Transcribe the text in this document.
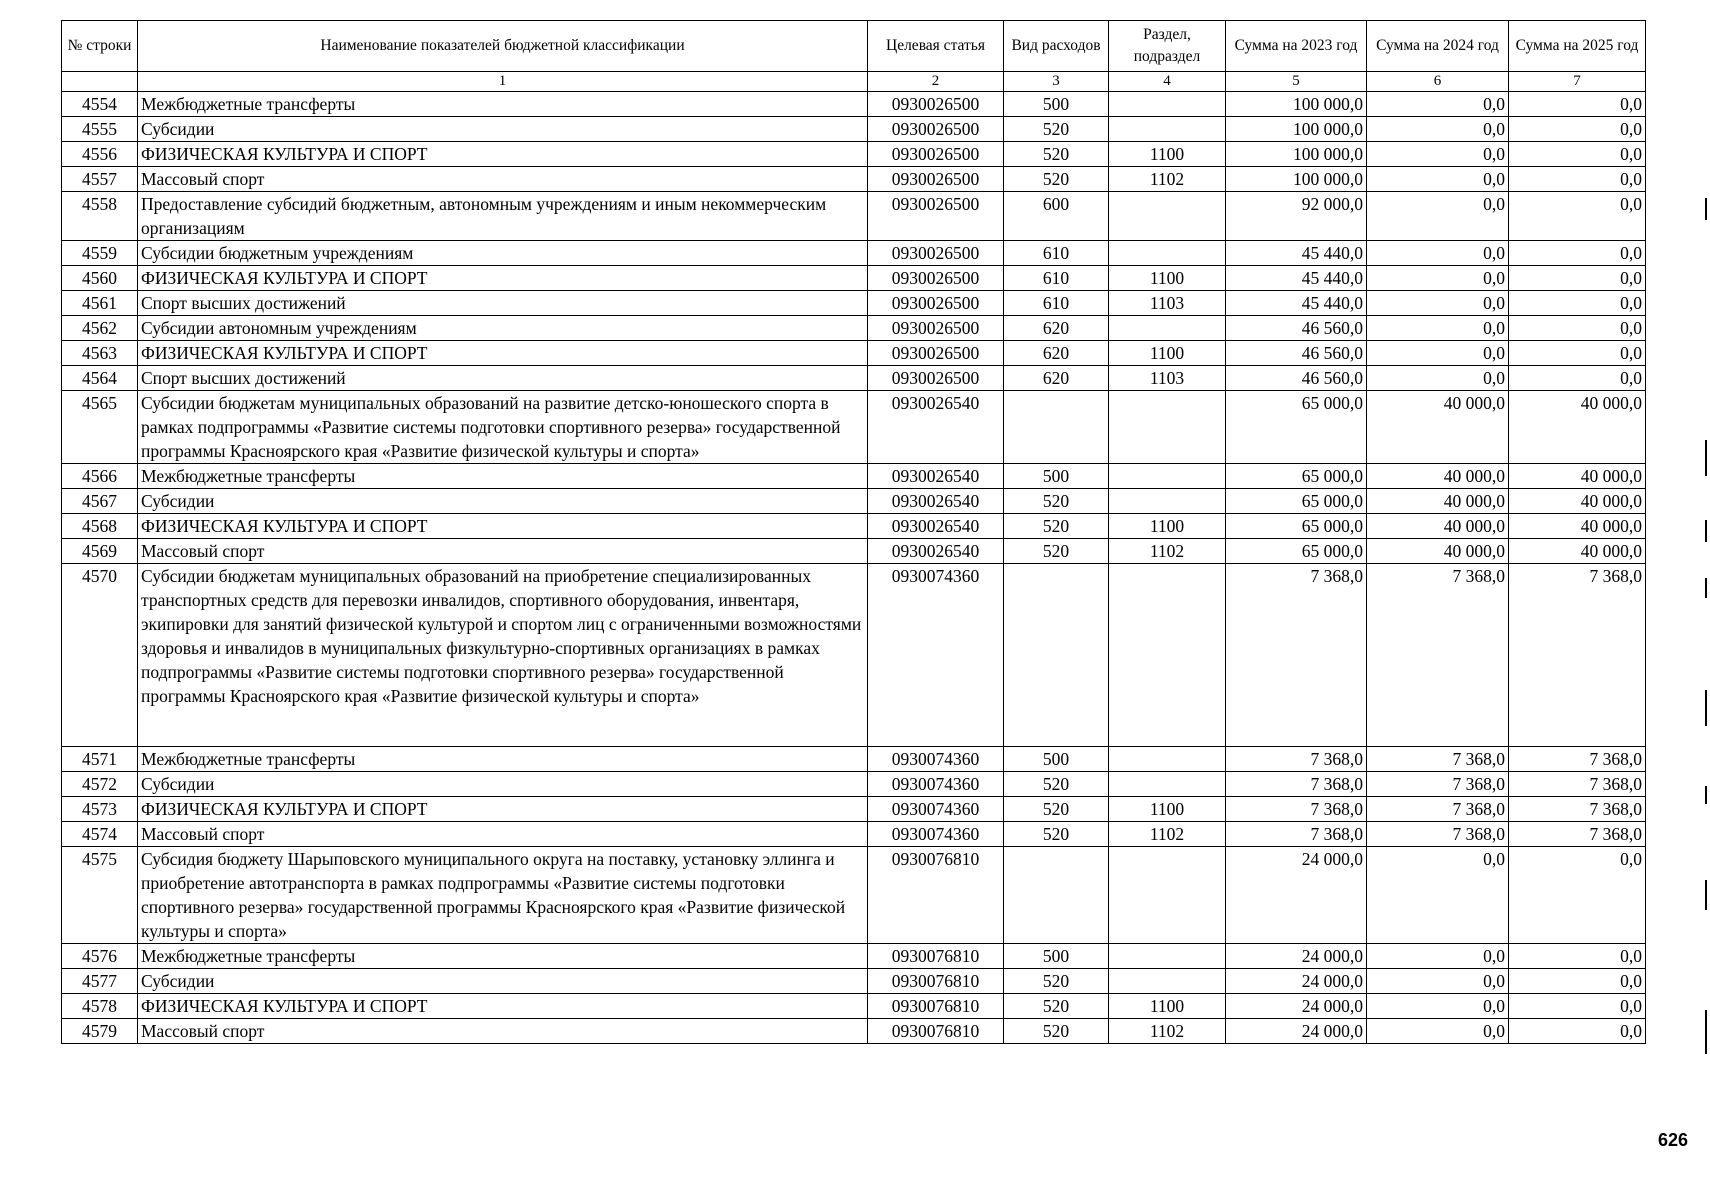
№ строки	Наименование показателей бюджетной классификации	Целевая статья	Вид расходов	Раздел, подраздел	Сумма на 2023 год	Сумма на 2024 год	Сумма на 2025 год
	1	2	3	4	5	6	7
4554	Межбюджетные трансферты	0930026500	500		100 000,0	0,0	0,0
4555	Субсидии	0930026500	520		100 000,0	0,0	0,0
4556	ФИЗИЧЕСКАЯ КУЛЬТУРА И СПОРТ	0930026500	520	1100	100 000,0	0,0	0,0
4557	Массовый спорт	0930026500	520	1102	100 000,0	0,0	0,0
4558	Предоставление субсидий бюджетным, автономным учреждениям и иным некоммерческим организациям	0930026500	600		92 000,0	0,0	0,0
4559	Субсидии бюджетным учреждениям	0930026500	610		45 440,0	0,0	0,0
4560	ФИЗИЧЕСКАЯ КУЛЬТУРА И СПОРТ	0930026500	610	1100	45 440,0	0,0	0,0
4561	Спорт высших достижений	0930026500	610	1103	45 440,0	0,0	0,0
4562	Субсидии автономным учреждениям	0930026500	620		46 560,0	0,0	0,0
4563	ФИЗИЧЕСКАЯ КУЛЬТУРА И СПОРТ	0930026500	620	1100	46 560,0	0,0	0,0
4564	Спорт высших достижений	0930026500	620	1103	46 560,0	0,0	0,0
4565	Субсидии бюджетам муниципальных образований на развитие детско-юношеского спорта в рамках подпрограммы «Развитие системы подготовки спортивного резерва» государственной программы Красноярского края «Развитие физической культуры и спорта»	0930026540			65 000,0	40 000,0	40 000,0
4566	Межбюджетные трансферты	0930026540	500		65 000,0	40 000,0	40 000,0
4567	Субсидии	0930026540	520		65 000,0	40 000,0	40 000,0
4568	ФИЗИЧЕСКАЯ КУЛЬТУРА И СПОРТ	0930026540	520	1100	65 000,0	40 000,0	40 000,0
4569	Массовый спорт	0930026540	520	1102	65 000,0	40 000,0	40 000,0
4570	Субсидии бюджетам муниципальных образований на приобретение специализированных транспортных средств для перевозки инвалидов, спортивного оборудования, инвентаря, экипировки для занятий физической культурой и спортом лиц с ограниченными возможностями здоровья и инвалидов в муниципальных физкультурно-спортивных организациях в рамках подпрограммы «Развитие системы подготовки спортивного резерва» государственной программы Красноярского края «Развитие физической культуры и спорта»	0930074360			7 368,0	7 368,0	7 368,0
4571	Межбюджетные трансферты	0930074360	500		7 368,0	7 368,0	7 368,0
4572	Субсидии	0930074360	520		7 368,0	7 368,0	7 368,0
4573	ФИЗИЧЕСКАЯ КУЛЬТУРА И СПОРТ	0930074360	520	1100	7 368,0	7 368,0	7 368,0
4574	Массовый спорт	0930074360	520	1102	7 368,0	7 368,0	7 368,0
4575	Субсидия бюджету Шарыповского муниципального округа на поставку, установку эллинга и приобретение автотранспорта в рамках подпрограммы «Развитие системы подготовки спортивного резерва» государственной программы Красноярского края «Развитие физической культуры и спорта»	0930076810			24 000,0	0,0	0,0
4576	Межбюджетные трансферты	0930076810	500		24 000,0	0,0	0,0
4577	Субсидии	0930076810	520		24 000,0	0,0	0,0
4578	ФИЗИЧЕСКАЯ КУЛЬТУРА И СПОРТ	0930076810	520	1100	24 000,0	0,0	0,0
4579	Массовый спорт	0930076810	520	1102	24 000,0	0,0	0,0
626
